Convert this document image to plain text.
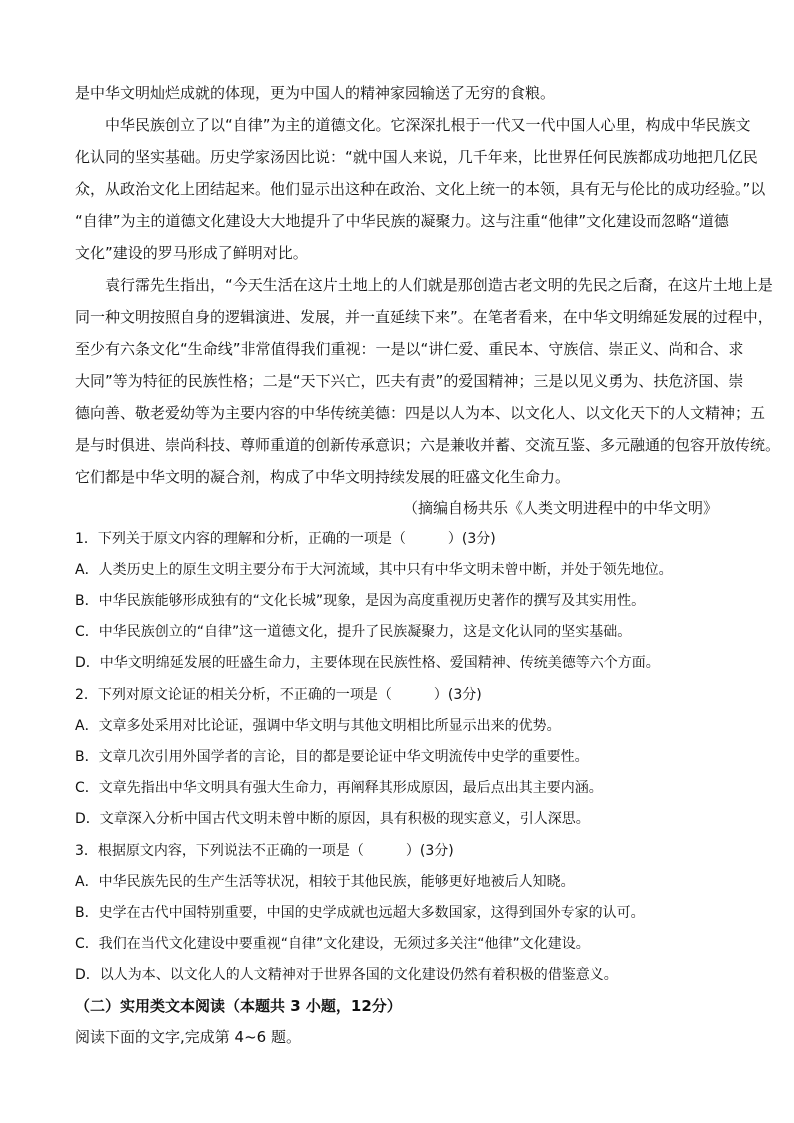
是中华文明灿烂成就的体现，更为中国人的精神家园输送了无穷的食粮。
中华民族创立了以“自律”为主的道德文化。它深深扎根于一代又一代中国人心里，构成中华民族文
化认同的坚实基础。历史学家汤因比说：“就中国人来说，几千年来，比世界任何民族都成功地把几亿民
众，从政治文化上团结起来。他们显示出这种在政治、文化上统一的本领，具有无与伦比的成功经验。”以
“自律”为主的道德文化建设大大地提升了中华民族的凝聚力。这与注重“他律”文化建设而忽略“道德
文化”建设的罗马形成了鲜明对比。
袁行霈先生指出，“今天生活在这片土地上的人们就是那创造古老文明的先民之后裔，在这片土地上是
同一种文明按照自身的逻辑演进、发展，并一直延续下来”。在笔者看来，在中华文明绵延发展的过程中，
至少有六条文化“生命线”非常值得我们重视：一是以“讲仁爱、重民本、守族信、崇正义、尚和合、求
大同”等为特征的民族性格；二是“天下兴亡，匹夫有责”的爱国精神；三是以见义勇为、扶危济国、崇
德向善、敬老爱幼等为主要内容的中华传统美德：四是以人为本、以文化人、以文化天下的人文精神；五
是与时俱进、崇尚科技、尊师重道的创新传承意识；六是兼收并蓄、交流互鉴、多元融通的包容开放传统。
它们都是中华文明的凝合剂，构成了中华文明持续发展的旺盛文化生命力。
（摘编自杨共乐《人类文明进程中的中华文明》
1．下列关于原文内容的理解和分析，正确的一项是（　　　）(3分)
A．人类历史上的原生文明主要分布于大河流域，其中只有中华文明未曾中断，并处于领先地位。
B．中华民族能够形成独有的“文化长城”现象，是因为高度重视历史著作的撰写及其实用性。
C．中华民族创立的“自律”这一道德文化，提升了民族凝聚力，这是文化认同的坚实基础。
D．中华文明绵延发展的旺盛生命力，主要体现在民族性格、爱国精神、传统美德等六个方面。
2．下列对原文论证的相关分析，不正确的一项是（　　　）(3分)
A．文章多处采用对比论证，强调中华文明与其他文明相比所显示出来的优势。
B．文章几次引用外国学者的言论，目的都是要论证中华文明流传中史学的重要性。
C．文章先指出中华文明具有强大生命力，再阐释其形成原因，最后点出其主要内涵。
D．文章深入分析中国古代文明未曾中断的原因，具有积极的现实意义，引人深思。
3．根据原文内容，下列说法不正确的一项是（　　　）(3分)
A．中华民族先民的生产生活等状况，相较于其他民族，能够更好地被后人知晓。
B．史学在古代中国特别重要，中国的史学成就也远超大多数国家，这得到国外专家的认可。
C．我们在当代文化建设中要重视“自律”文化建设，无须过多关注“他律”文化建设。
D．以人为本、以文化人的人文精神对于世界各国的文化建设仍然有着积极的借鉴意义。
（二）实用类文本阅读（本题共 3 小题，12分）
阅读下面的文字,完成第 4~6 题。
